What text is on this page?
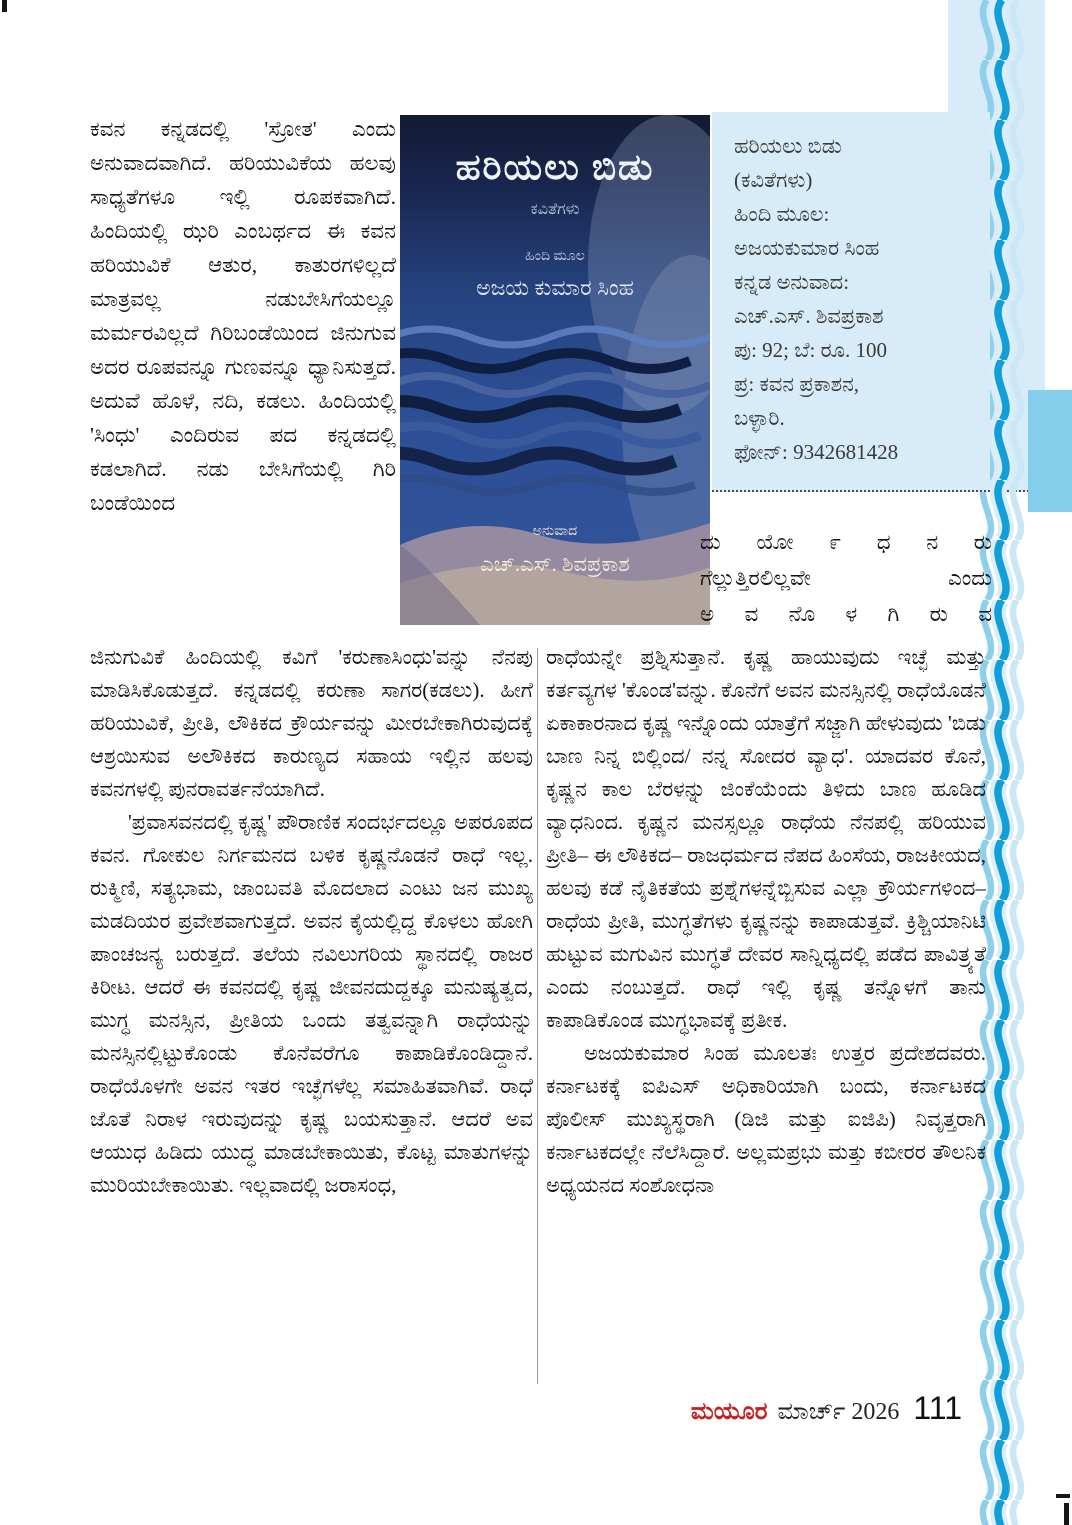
ಕವನ ಕನ್ನಡದಲ್ಲಿ 'ಸ್ರೋತ' ಎಂದು ಅನುವಾದವಾಗಿದೆ. ಹರಿಯುವಿಕೆಯ ಹಲವು ಸಾಧ್ಯತೆಗಳೂ ಇಲ್ಲಿ ರೂಪಕವಾಗಿದೆ. ಹಿಂದಿಯಲ್ಲಿ ಝರಿ ಎಂಬರ್ಥದ ಈ ಕವನ ಹರಿಯುವಿಕೆ ಆತುರ, ಕಾತುರಗಳಿಲ್ಲದೆ ಮಾತ್ರವಲ್ಲ ನಡುಬೇಸಿಗೆಯಲ್ಲೂ ಮರ್ಮರವಿಲ್ಲದೆ ಗಿರಿಬಂಡೆಯಿಂದ ಜಿನುಗುವ ಅದರ ರೂಪವನ್ನೂ ಗುಣವನ್ನೂ ಧ್ಯಾನಿಸುತ್ತದೆ. ಅದುವೆ ಹೊಳೆ, ನದಿ, ಕಡಲು. ಹಿಂದಿಯಲ್ಲಿ 'ಸಿಂಧು' ಎಂದಿರುವ ಪದ ಕನ್ನಡದಲ್ಲಿ ಕಡಲಾಗಿದೆ. ನಡು ಬೇಸಿಗೆಯಲ್ಲಿ ಗಿರಿ ಬಂಡೆಯಿಂದ

ಹರಿಯಲು ಬಿಡು
ಕವಿತೆಗಳು
ಹಿಂದಿ ಮೂಲ
ಅಜಯ ಕುಮಾರ ಸಿಂಹ
ಅನುವಾದ
ಎಚ್.ಎಸ್. ಶಿವಪ್ರಕಾಶ
ಹರಿಯಲು ಬಿಡು
(ಕವಿತೆಗಳು)
ಹಿಂದಿ ಮೂಲ:
ಅಜಯಕುಮಾರ ಸಿಂಹ
ಕನ್ನಡ ಅನುವಾದ:
ಎಚ್.ಎಸ್. ಶಿವಪ್ರಕಾಶ
ಪು: 92; ಬೆ: ರೂ. 100
ಪ್ರ: ಕವನ ಪ್ರಕಾಶನ,
ಬಳ್ಳಾರಿ.
ಫೋನ್: 9342681428
ದು ಯೋ ೯ ಧ ನ ರು
ಗೆಲ್ಲುತ್ತಿರಲಿಲ್ಲವೇ ಎಂದು
ಅ ವ ನೊ ಳ ಗಿ ರು ವ

ಜಿನುಗುವಿಕೆ ಹಿಂದಿಯಲ್ಲಿ ಕವಿಗೆ 'ಕರುಣಾಸಿಂಧು'ವನ್ನು ನೆನಪು ಮಾಡಿಸಿಕೊಡುತ್ತದೆ. ಕನ್ನಡದಲ್ಲಿ ಕರುಣಾ ಸಾಗರ(ಕಡಲು). ಹೀಗೆ ಹರಿಯುವಿಕೆ, ಪ್ರೀತಿ, ಲೌಕಿಕದ ಕ್ರೌರ್ಯವನ್ನು ಮೀರಬೇಕಾಗಿರುವುದಕ್ಕೆ ಆಶ್ರಯಿಸುವ ಅಲೌಕಿಕದ ಕಾರುಣ್ಯದ ಸಹಾಯ ಇಲ್ಲಿನ ಹಲವು ಕವನಗಳಲ್ಲಿ ಪುನರಾವರ್ತನೆಯಾಗಿದೆ.

'ಪ್ರವಾಸವನದಲ್ಲಿ ಕೃಷ್ಣ' ಪೌರಾಣಿಕ ಸಂದರ್ಭದಲ್ಲೂ ಅಪರೂಪದ ಕವನ. ಗೋಕುಲ ನಿರ್ಗಮನದ ಬಳಿಕ ಕೃಷ್ಣನೊಡನೆ ರಾಧೆ ಇಲ್ಲ. ರುಕ್ಮಿಣಿ, ಸತ್ಯಭಾಮ, ಜಾಂಬವತಿ ಮೊದಲಾದ ಎಂಟು ಜನ ಮುಖ್ಯ ಮಡದಿಯರ ಪ್ರವೇಶವಾಗುತ್ತದೆ. ಅವನ ಕೈಯಲ್ಲಿದ್ದ ಕೊಳಲು ಹೋಗಿ ಪಾಂಚಜನ್ಯ ಬರುತ್ತದೆ. ತಲೆಯ ನವಿಲುಗರಿಯ ಸ್ಥಾನದಲ್ಲಿ ರಾಜರ ಕಿರೀಟ. ಆದರೆ ಈ ಕವನದಲ್ಲಿ ಕೃಷ್ಣ ಜೀವನದುದ್ದಕ್ಕೂ ಮನುಷ್ಯತ್ವದ, ಮುಗ್ಧ ಮನಸ್ಸಿನ, ಪ್ರೀತಿಯ ಒಂದು ತತ್ವವನ್ನಾಗಿ ರಾಧೆಯನ್ನು ಮನಸ್ಸಿನಲ್ಲಿಟ್ಟುಕೊಂಡು ಕೊನೆವರೆಗೂ ಕಾಪಾಡಿಕೊಂಡಿದ್ದಾನೆ. ರಾಧೆಯೊಳಗೇ ಅವನ ಇತರ ಇಚ್ಛೆಗಳೆಲ್ಲ ಸಮಾಹಿತವಾಗಿವೆ. ರಾಧೆ ಜೊತೆ ನಿರಾಳ ಇರುವುದನ್ನು ಕೃಷ್ಣ ಬಯಸುತ್ತಾನೆ. ಆದರೆ ಅವ ಆಯುಧ ಹಿಡಿದು ಯುದ್ಧ ಮಾಡಬೇಕಾಯಿತು, ಕೊಟ್ಟ ಮಾತುಗಳನ್ನು ಮುರಿಯಬೇಕಾಯಿತು. ಇಲ್ಲವಾದಲ್ಲಿ ಜರಾಸಂಧ,

ರಾಧೆಯನ್ನೇ ಪ್ರಶ್ನಿಸುತ್ತಾನೆ. ಕೃಷ್ಣ ಹಾಯುವುದು ಇಚ್ಛೆ ಮತ್ತು ಕರ್ತವ್ಯಗಳ 'ಕೊಂಡ'ವನ್ನು. ಕೊನೆಗೆ ಅವನ ಮನಸ್ಸಿನಲ್ಲಿ ರಾಧೆಯೊಡನೆ ಏಕಾಕಾರನಾದ ಕೃಷ್ಣ ಇನ್ನೊಂದು ಯಾತ್ರೆಗೆ ಸಜ್ಜಾಗಿ ಹೇಳುವುದು 'ಬಿಡು ಬಾಣ ನಿನ್ನ ಬಿಲ್ಲಿಂದ/ ನನ್ನ ಸೋದರ ವ್ಯಾಧ'. ಯಾದವರ ಕೊನೆ, ಕೃಷ್ಣನ ಕಾಲ ಬೆರಳನ್ನು ಜಿಂಕೆಯೆಂದು ತಿಳಿದು ಬಾಣ ಹೂಡಿದ ವ್ಯಾಧನಿಂದ. ಕೃಷ್ಣನ ಮನಸ್ಸಲ್ಲೂ ರಾಧೆಯ ನೆನಪಲ್ಲಿ ಹರಿಯುವ ಪ್ರೀತಿ– ಈ ಲೌಕಿಕದ– ರಾಜಧರ್ಮದ ನೆಪದ ಹಿಂಸೆಯ, ರಾಜಕೀಯದ, ಹಲವು ಕಡೆ ನೈತಿಕತೆಯ ಪ್ರಶ್ನೆಗಳನ್ನೆಬ್ಬಿಸುವ ಎಲ್ಲಾ ಕ್ರೌರ್ಯಗಳಿಂದ– ರಾಧೆಯ ಪ್ರೀತಿ, ಮುಗ್ಧತೆಗಳು ಕೃಷ್ಣನನ್ನು ಕಾಪಾಡುತ್ತವೆ. ಕ್ರಿಶ್ಚಿಯಾನಿಟಿ ಹುಟ್ಟುವ ಮಗುವಿನ ಮುಗ್ಧತೆ ದೇವರ ಸಾನ್ನಿಧ್ಯದಲ್ಲಿ ಪಡೆದ ಪಾವಿತ್ರ್ಯತೆ ಎಂದು ನಂಬುತ್ತದೆ. ರಾಧೆ ಇಲ್ಲಿ ಕೃಷ್ಣ ತನ್ನೊಳಗೆ ತಾನು ಕಾಪಾಡಿಕೊಂಡ ಮುಗ್ಧಭಾವಕ್ಕೆ ಪ್ರತೀಕ.

ಅಜಯಕುಮಾರ ಸಿಂಹ ಮೂಲತಃ ಉತ್ತರ ಪ್ರದೇಶದವರು. ಕರ್ನಾಟಕಕ್ಕೆ ಐಪಿಎಸ್ ಅಧಿಕಾರಿಯಾಗಿ ಬಂದು, ಕರ್ನಾಟಕದ ಪೊಲೀಸ್ ಮುಖ್ಯಸ್ಥರಾಗಿ (ಡಿಜಿ ಮತ್ತು ಐಜಿಪಿ) ನಿವೃತ್ತರಾಗಿ ಕರ್ನಾಟಕದಲ್ಲೇ ನೆಲೆಸಿದ್ದಾರೆ. ಅಲ್ಲಮಪ್ರಭು ಮತ್ತು ಕಬೀರರ ತೌಲನಿಕ ಅಧ್ಯಯನದ ಸಂಶೋಧನಾ

ಮಯೂರ ಮಾರ್ಚ್ 2026 111
